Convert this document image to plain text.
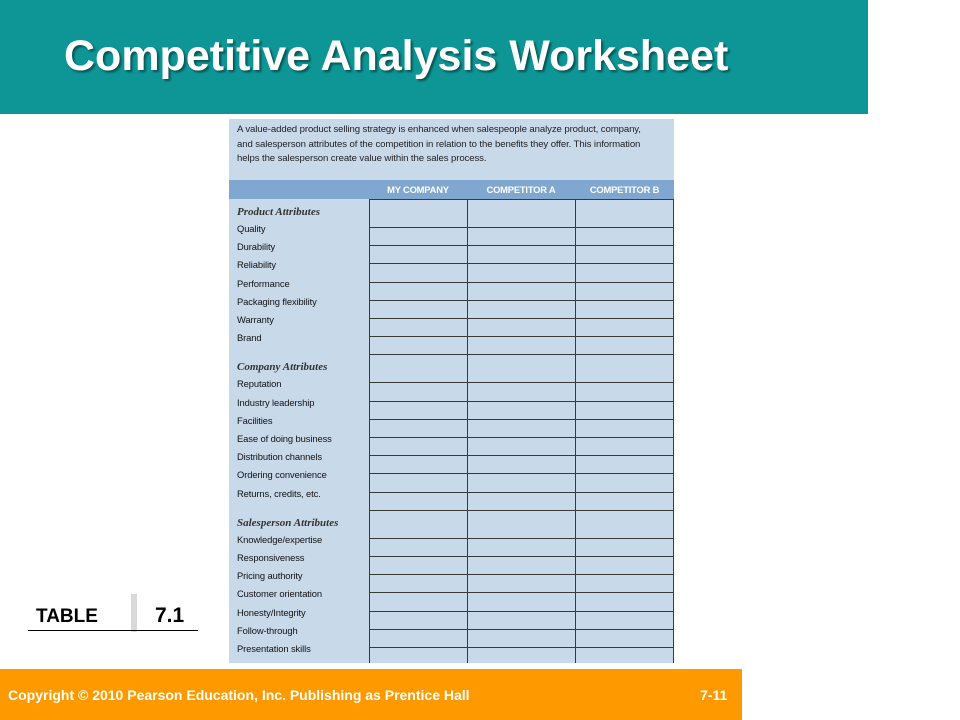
Competitive Analysis Worksheet
A value-added product selling strategy is enhanced when salespeople analyze product, company, and salesperson attributes of the competition in relation to the benefits they offer. This information helps the salesperson create value within the sales process.
MY COMPANY	COMPETITOR A	COMPETITOR B
Product Attributes
Quality
Durability
Reliability
Performance
Packaging flexibility
Warranty
Brand
Company Attributes
Reputation
Industry leadership
Facilities
Ease of doing business
Distribution channels
Ordering convenience
Returns, credits, etc.
Salesperson Attributes
Knowledge/expertise
Responsiveness
Pricing authority
Customer orientation
Honesty/Integrity
Follow-through
Presentation skills
TABLE	7.1
Copyright © 2010 Pearson Education, Inc. Publishing as Prentice Hall	7-11
